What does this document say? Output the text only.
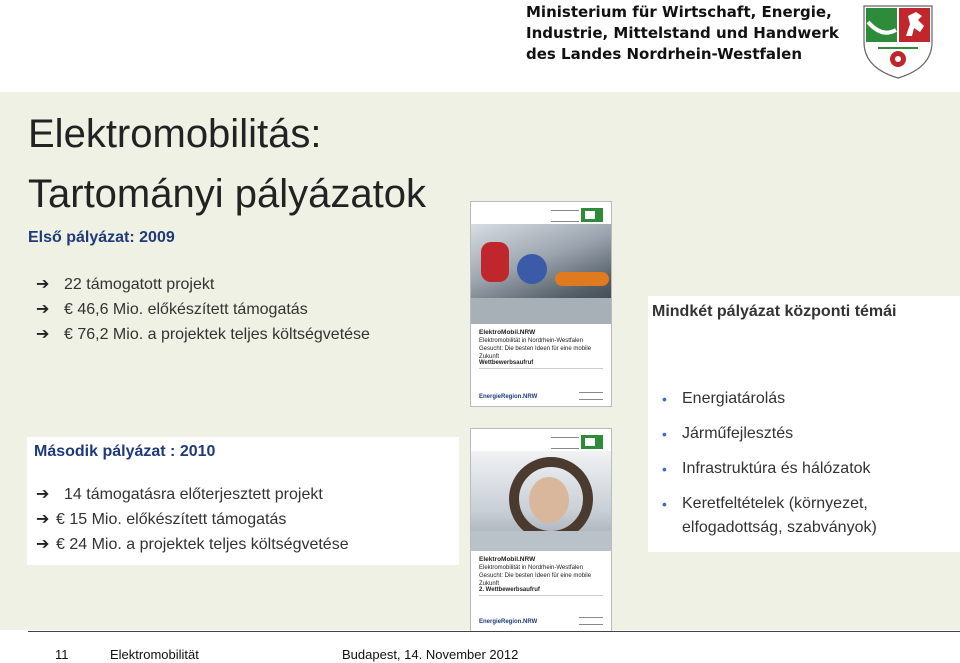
Ministerium für Wirtschaft, Energie,
Industrie, Mittelstand und Handwerk
des Landes Nordrhein-Westfalen
Elektromobilitás:
Tartományi pályázatok
Első pályázat: 2009
➔ 22 támogatott projekt
➔ € 46,6 Mio. előkészített támogatás
➔ € 76,2 Mio. a projektek teljes költségvetése
Második pályázat : 2010
➔ 14 támogatásra előterjesztett projekt
➔ € 15 Mio. előkészített támogatás
➔ € 24 Mio. a projektek teljes költségvetése
ElektroMobil.NRW
Elektromobilität in Nordrhein-Westfalen
Gesucht: Die besten Ideen für eine mobile Zukunft
Wettbewerbsaufruf
EnergieRegion.NRW
ElektroMobil.NRW
Elektromobilität in Nordrhein-Westfalen
Gesucht: Die besten Ideen für eine mobile Zukunft
2. Wettbewerbsaufruf
EnergieRegion.NRW
Mindkét pályázat központi témái
• Energiatárolás
• Járműfejlesztés
• Infrastruktúra és hálózatok
• Keretfeltételek (környezet, elfogadottság, szabványok)
11	Elektromobilität	Budapest, 14. November 2012
